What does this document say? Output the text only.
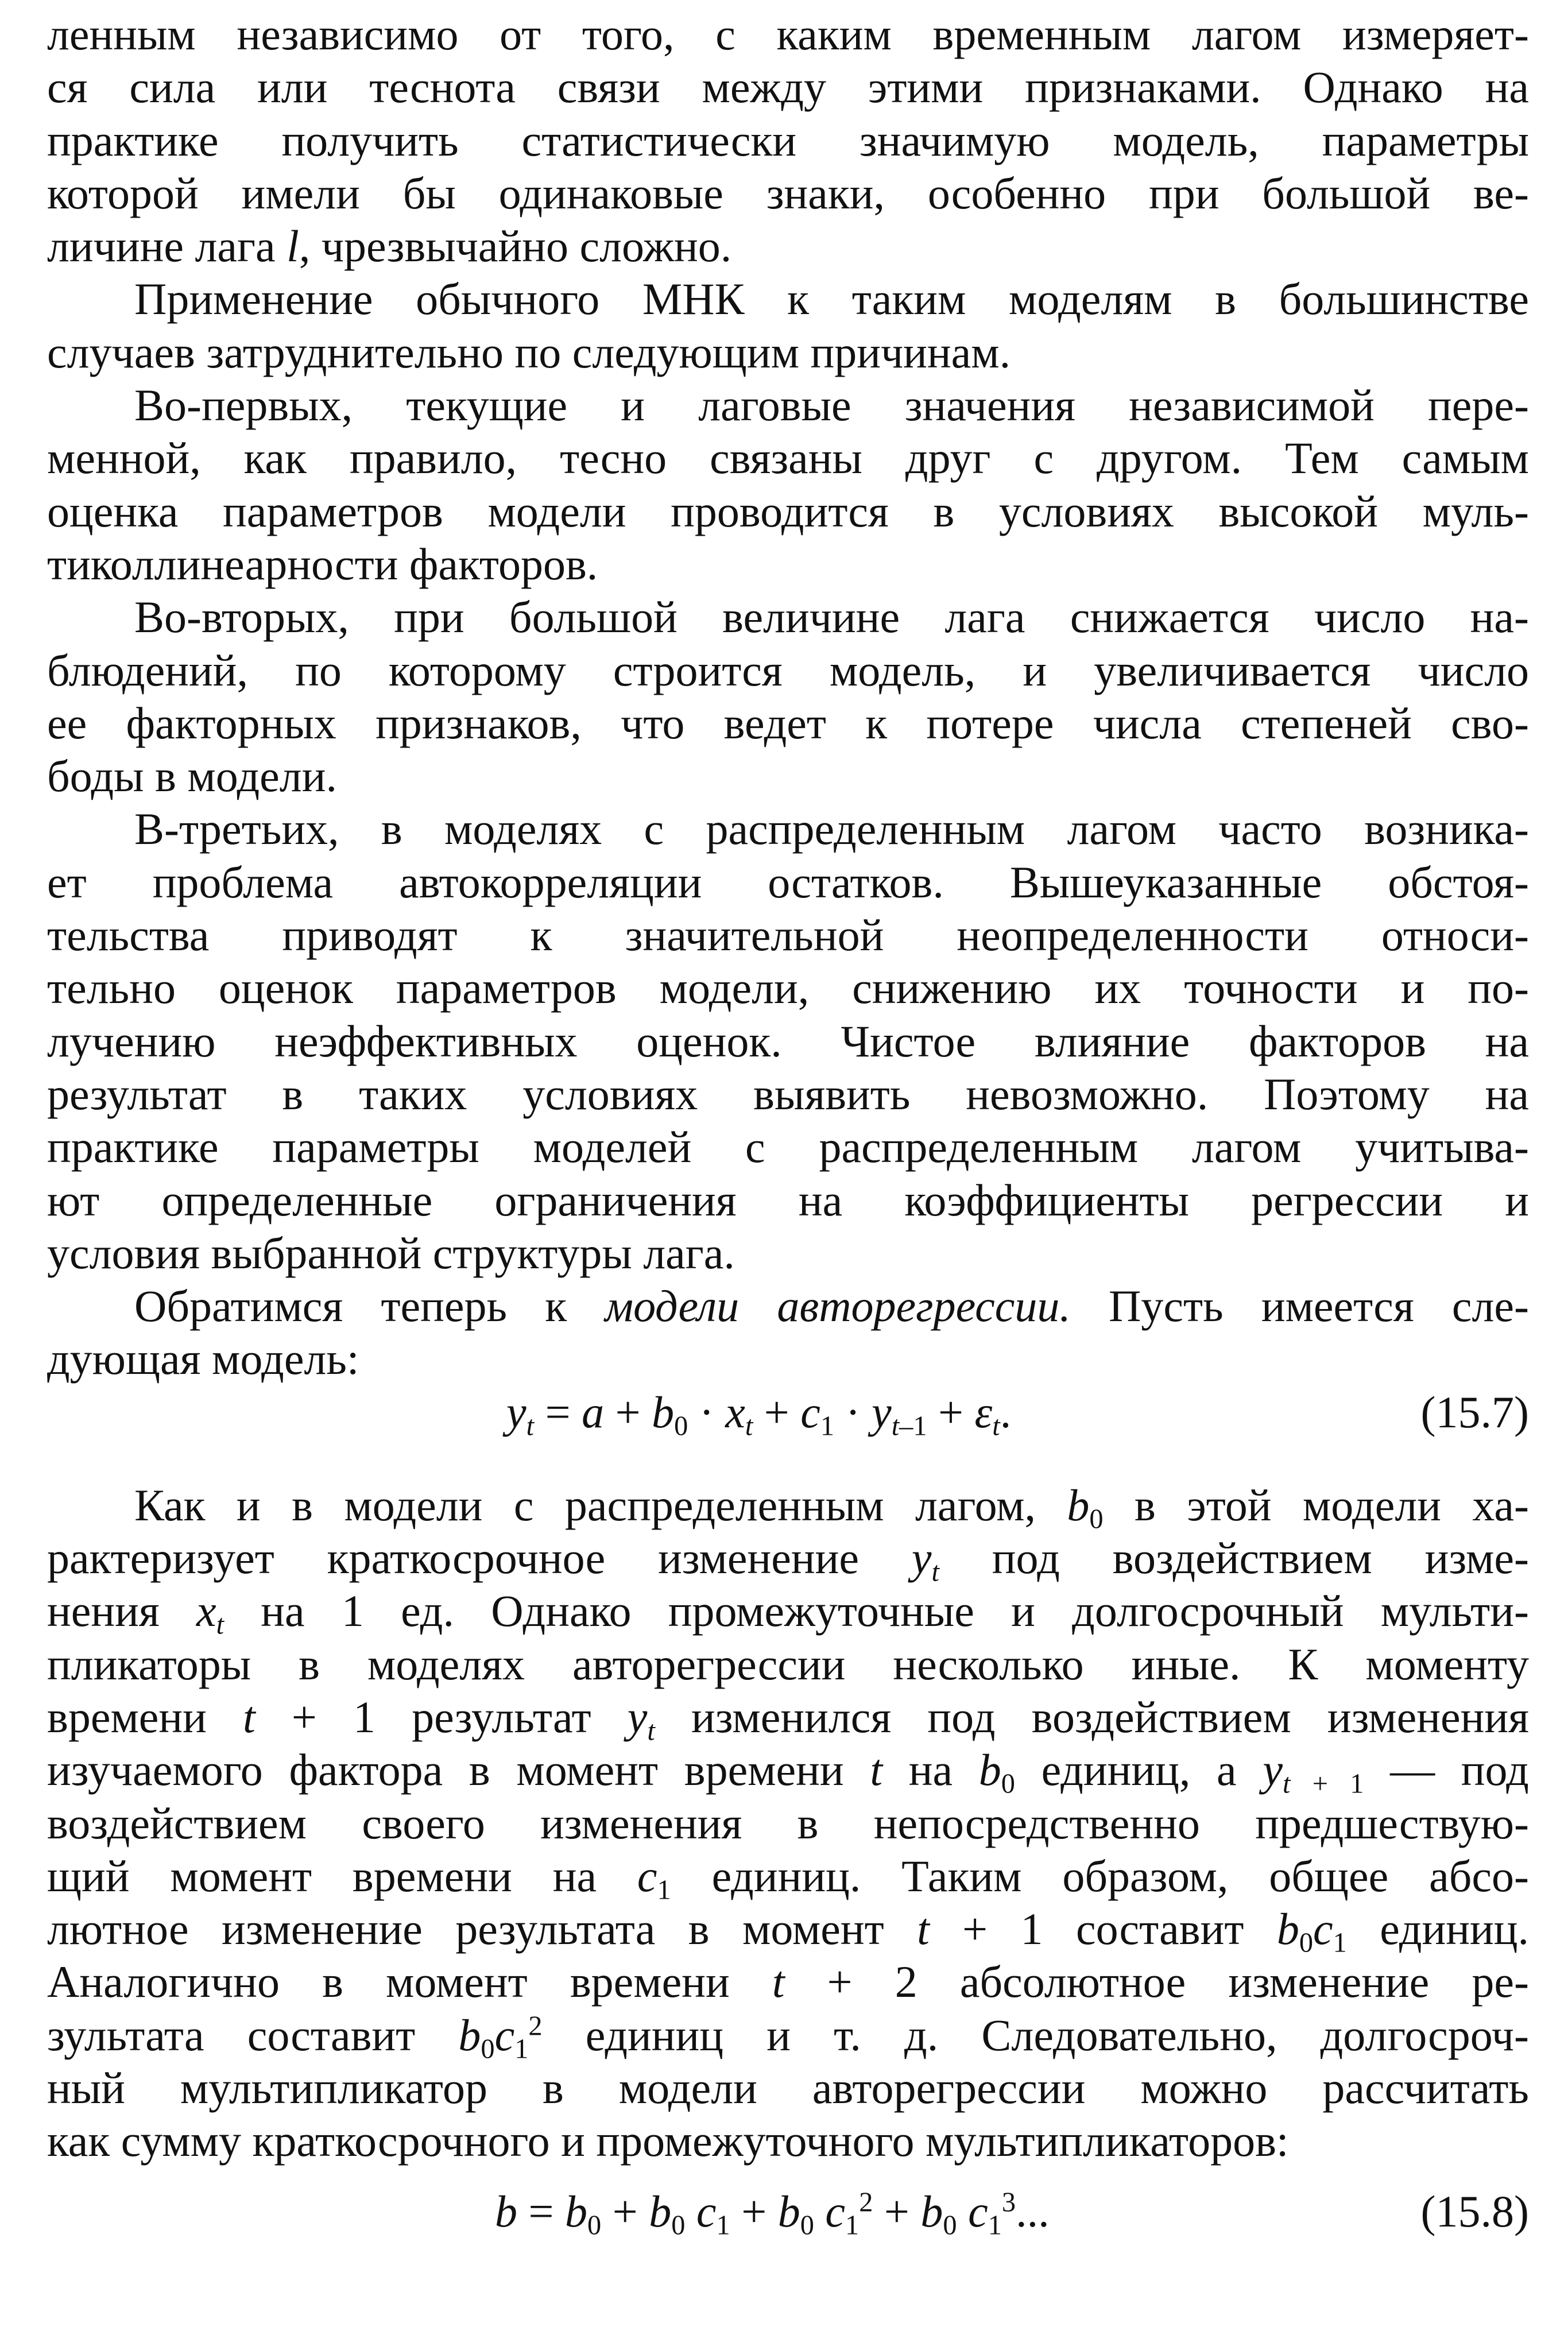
ленным независимо от того, с каким временным лагом измеряет-
ся сила или теснота связи между этими признаками. Однако на
практике получить статистически значимую модель, параметры
которой имели бы одинаковые знаки, особенно при большой ве-
личине лага l, чрезвычайно сложно.

Применение обычного МНК к таким моделям в большинстве
случаев затруднительно по следующим причинам.

Во-первых, текущие и лаговые значения независимой пере-
менной, как правило, тесно связаны друг с другом. Тем самым
оценка параметров модели проводится в условиях высокой муль-
тиколлинеарности факторов.

Во-вторых, при большой величине лага снижается число на-
блюдений, по которому строится модель, и увеличивается число
ее факторных признаков, что ведет к потере числа степеней сво-
боды в модели.

В-третьих, в моделях с распределенным лагом часто возника-
ет проблема автокорреляции остатков. Вышеуказанные обстоя-
тельства приводят к значительной неопределенности относи-
тельно оценок параметров модели, снижению их точности и по-
лучению неэффективных оценок. Чистое влияние факторов на
результат в таких условиях выявить невозможно. Поэтому на
практике параметры моделей с распределенным лагом учитыва-
ют определенные ограничения на коэффициенты регрессии и
условия выбранной структуры лага.

Обратимся теперь к модели авторегрессии. Пусть имеется сле-
дующая модель:

$y_t = a + b_0 \cdot x_t + c_1 \cdot y_{t-1} + \varepsilon_t$.	(15.7)

Как и в модели с распределенным лагом, $b_0$ в этой модели ха-
рактеризует краткосрочное изменение $y_t$ под воздействием изме-
нения $x_t$ на 1 ед. Однако промежуточные и долгосрочный мульти-
пликаторы в моделях авторегрессии несколько иные. К моменту
времени t + 1 результат $y_t$ изменился под воздействием изменения
изучаемого фактора в момент времени t на $b_0$ единиц, а $y_t$ $_{+ 1}$ — под
воздействием своего изменения в непосредственно предшествую-
щий момент времени на $c_1$ единиц. Таким образом, общее абсо-
лютное изменение результата в момент t + 1 составит $b_0c_1$ единиц.
Аналогично в момент времени t + 2 абсолютное изменение ре-
зультата составит $b_0c_1^2$ единиц и т. д. Следовательно, долгосроч-
ный мультипликатор в модели авторегрессии можно рассчитать
как сумму краткосрочного и промежуточного мультипликаторов:

$b = b_0 + b_0$ $c_1 + b_0$ $c_1^2 + b_0$ $c_1^3$...	(15.8)
